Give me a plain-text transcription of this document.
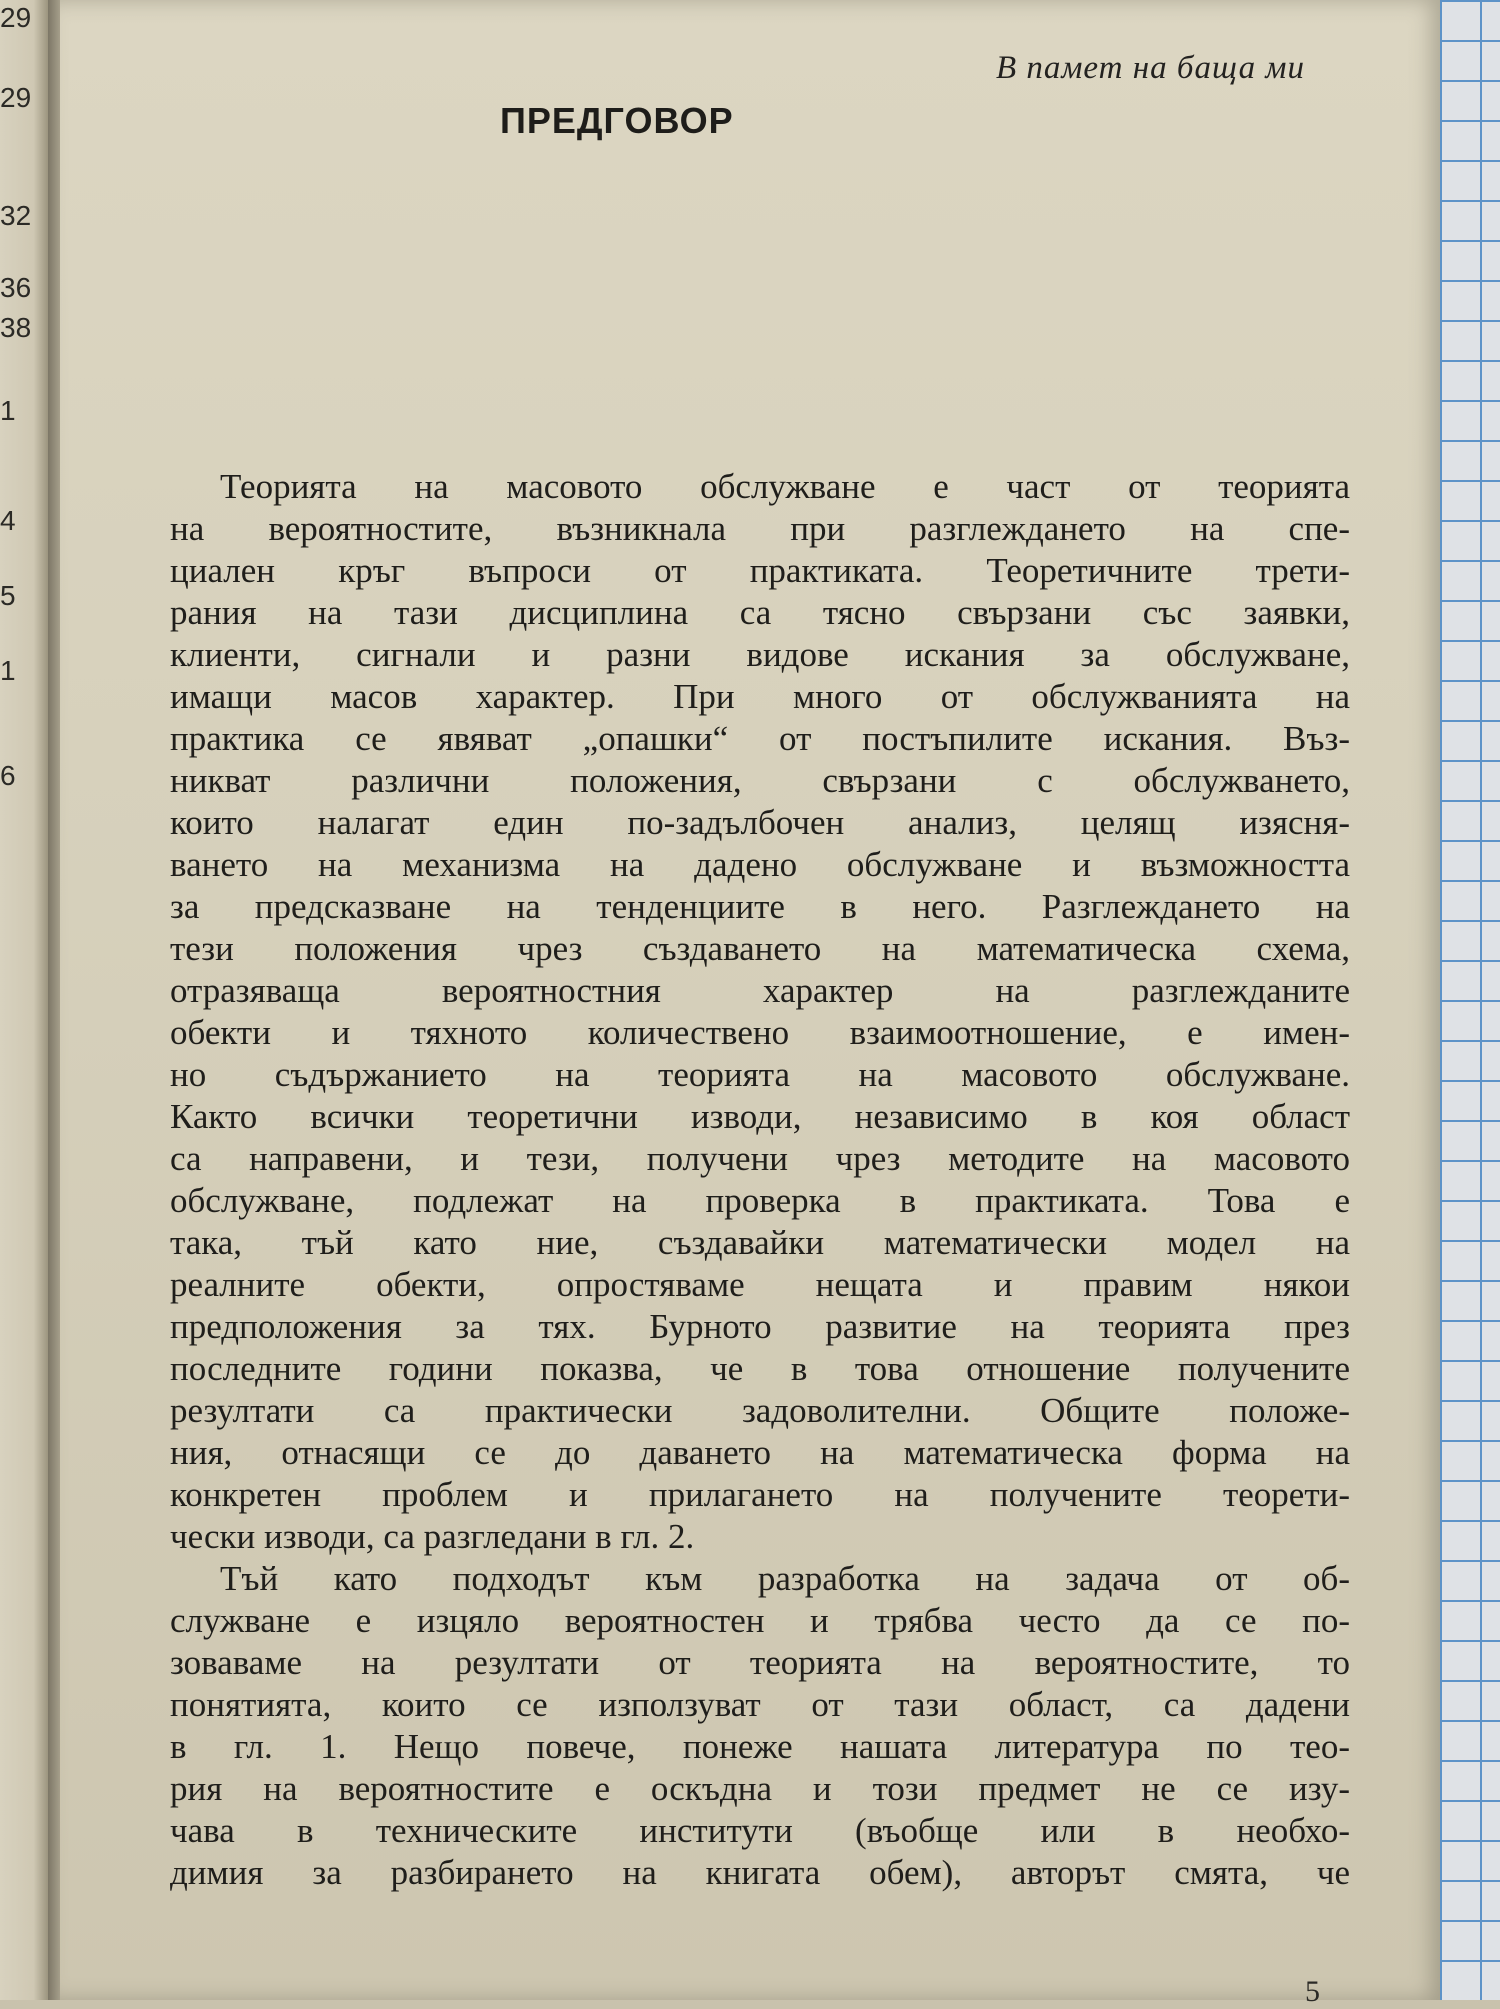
29
29
32
36
38
1
4
5
1
6
В памет на баща ми
ПРЕДГОВОР
Теорията на масовото обслужване е част от теорията
на вероятностите, възникнала при разглеждането на спе-
циален кръг въпроси от практиката. Теоретичните трети-
рания на тази дисциплина са тясно свързани със заявки,
клиенти, сигнали и разни видове искания за обслужване,
имащи масов характер. При много от обслужванията на
практика се явяват „опашки“ от постъпилите искания. Въз-
никват различни положения, свързани с обслужването,
които налагат един по-задълбочен анализ, целящ изясня-
ването на механизма на дадено обслужване и възможността
за предсказване на тенденциите в него. Разглеждането на
тези положения чрез създаването на математическа схема,
отразяваща вероятностния характер на разглежданите
обекти и тяхното количествено взаимоотношение, е имен-
но съдържанието на теорията на масовото обслужване.
Както всички теоретични изводи, независимо в коя област
са направени, и тези, получени чрез методите на масовото
обслужване, подлежат на проверка в практиката. Това е
така, тъй като ние, създавайки математически модел на
реалните обекти, опростяваме нещата и правим някои
предположения за тях. Бурното развитие на теорията през
последните години показва, че в това отношение получените
резултати са практически задоволителни. Общите положе-
ния, отнасящи се до даването на математическа форма на
конкретен проблем и прилагането на получените теорети-
чески изводи, са разгледани в гл. 2.
Тъй като подходът към разработка на задача от об-
служване е изцяло вероятностен и трябва често да се по-
зоваваме на резултати от теорията на вероятностите, то
понятията, които се използуват от тази област, са дадени
в гл. 1. Нещо повече, понеже нашата литература по тео-
рия на вероятностите е оскъдна и този предмет не се изу-
чава в техническите институти (въобще или в необхо-
димия за разбирането на книгата обем), авторът смята, че
5
